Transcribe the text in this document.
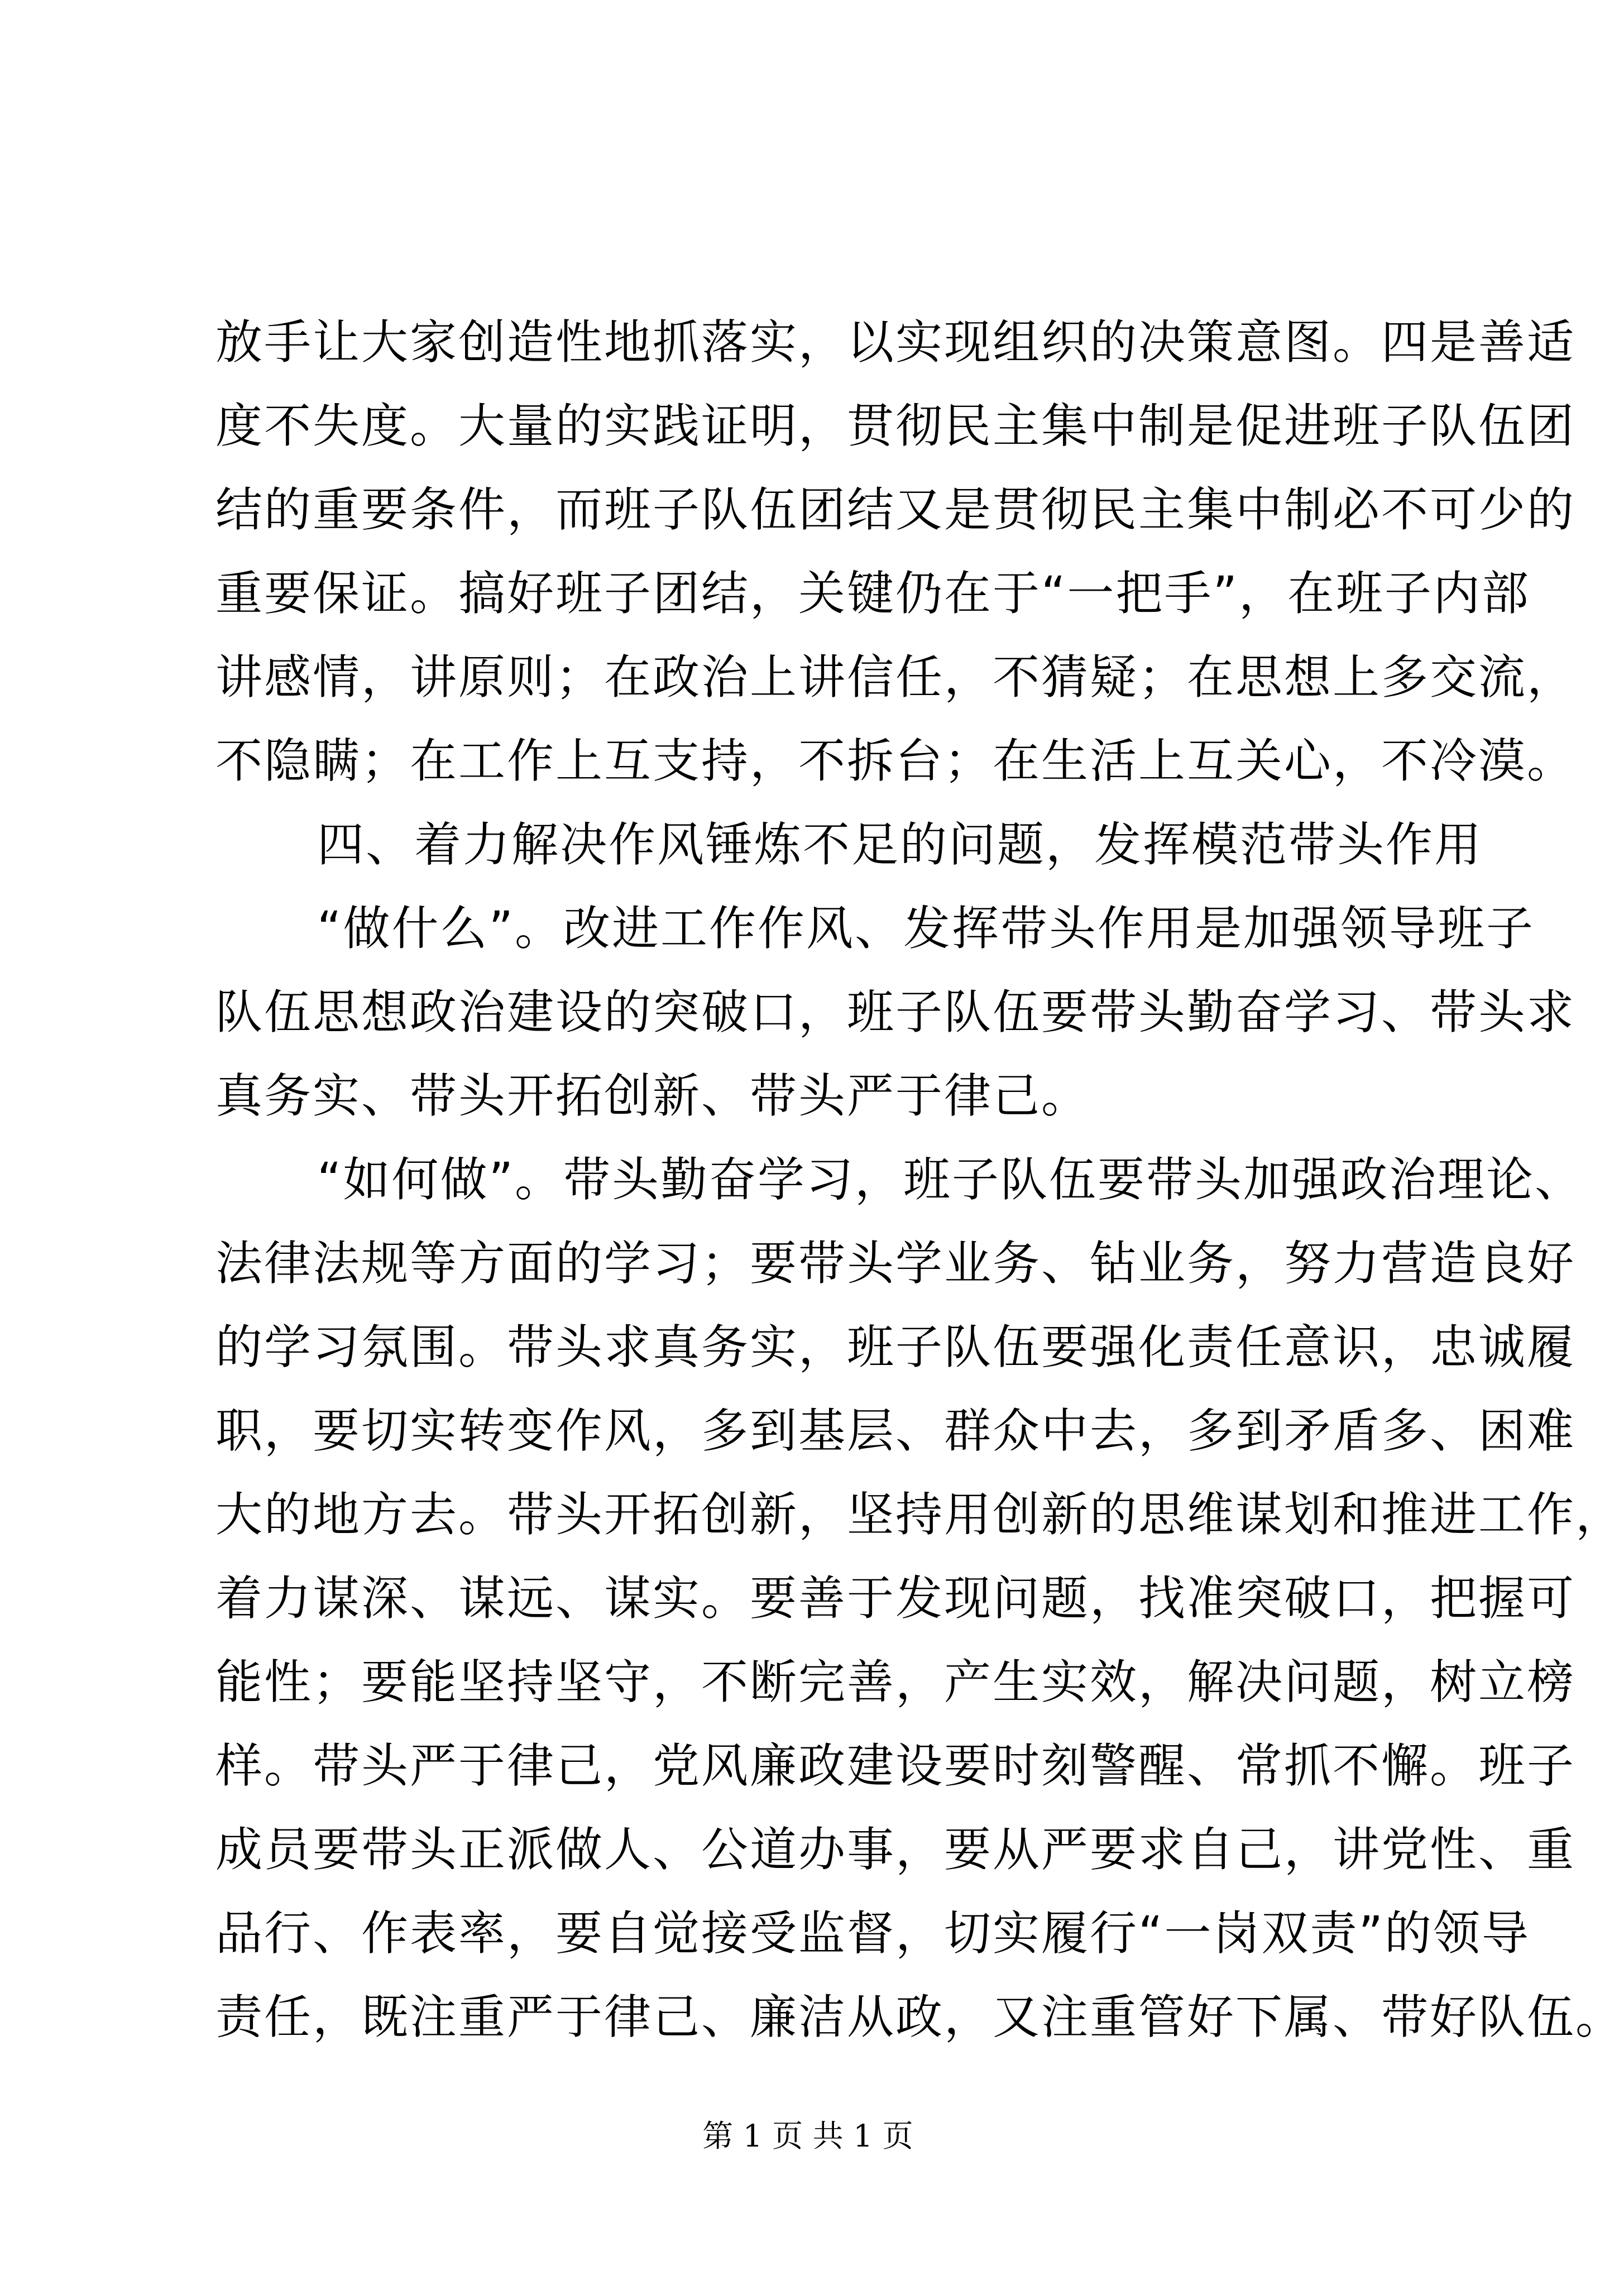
放手让大家创造性地抓落实，以实现组织的决策意图。四是善适
度不失度。大量的实践证明，贯彻民主集中制是促进班子队伍团
结的重要条件，而班子队伍团结又是贯彻民主集中制必不可少的
重要保证。搞好班子团结，关键仍在于“一把手”，在班子内部
讲感情，讲原则；在政治上讲信任，不猜疑；在思想上多交流，
不隐瞒；在工作上互支持，不拆台；在生活上互关心，不冷漠。
四、着力解决作风锤炼不足的问题，发挥模范带头作用
“做什么”。改进工作作风、发挥带头作用是加强领导班子
队伍思想政治建设的突破口，班子队伍要带头勤奋学习、带头求
真务实、带头开拓创新、带头严于律己。
“如何做”。带头勤奋学习，班子队伍要带头加强政治理论、
法律法规等方面的学习；要带头学业务、钻业务，努力营造良好
的学习氛围。带头求真务实，班子队伍要强化责任意识，忠诚履
职，要切实转变作风，多到基层、群众中去，多到矛盾多、困难
大的地方去。带头开拓创新，坚持用创新的思维谋划和推进工作，
着力谋深、谋远、谋实。要善于发现问题，找准突破口，把握可
能性；要能坚持坚守，不断完善，产生实效，解决问题，树立榜
样。带头严于律己，党风廉政建设要时刻警醒、常抓不懈。班子
成员要带头正派做人、公道办事，要从严要求自己，讲党性、重
品行、作表率，要自觉接受监督，切实履行“一岗双责”的领导
责任，既注重严于律己、廉洁从政，又注重管好下属、带好队伍。
第 1 页 共 1 页
